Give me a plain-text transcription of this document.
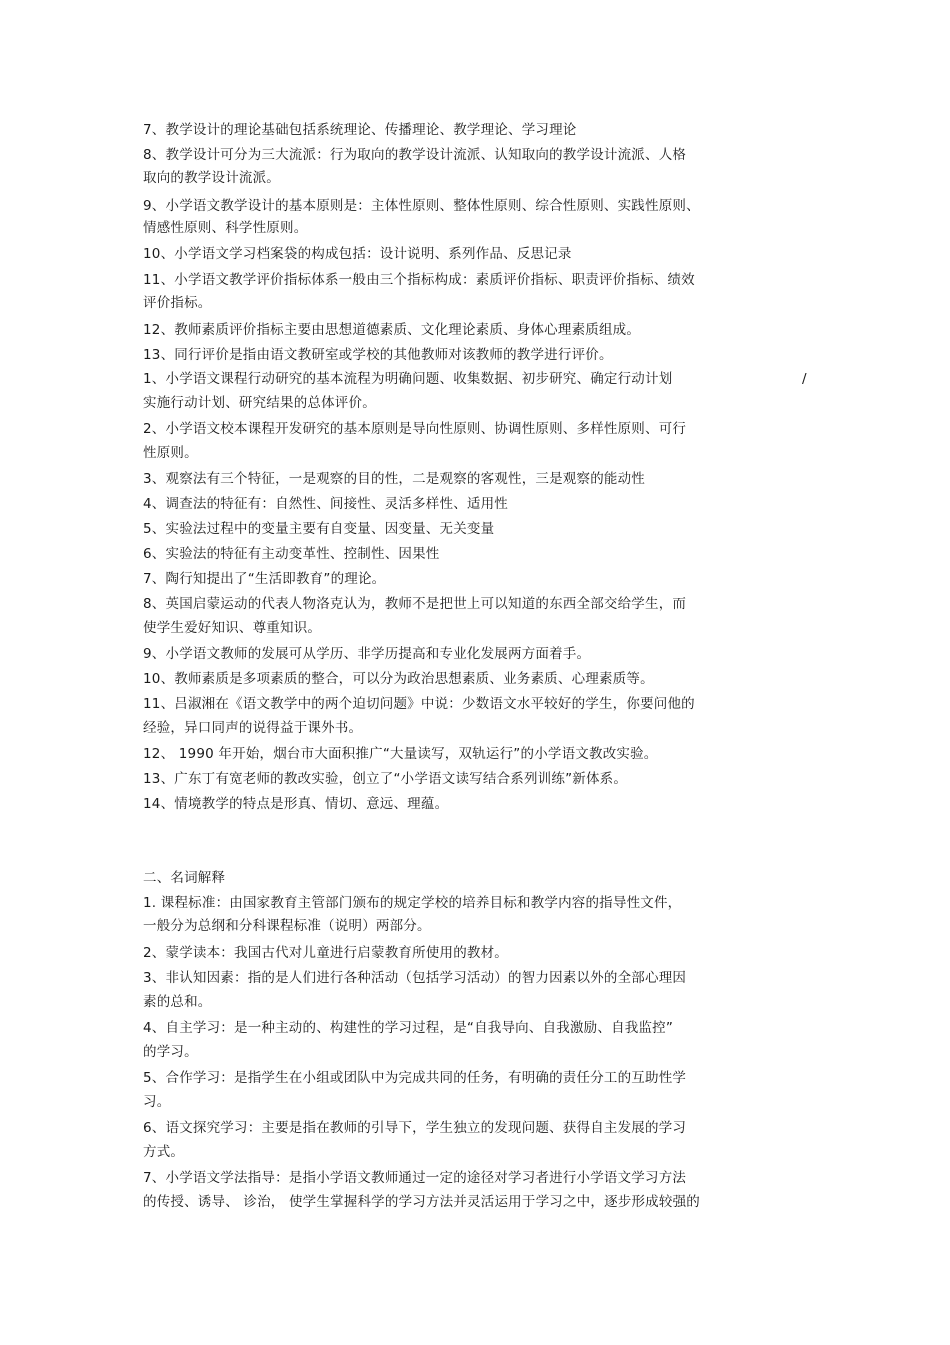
7、教学设计的理论基础包括系统理论、传播理论、教学理论、学习理论
8、教学设计可分为三大流派：行为取向的教学设计流派、认知取向的教学设计流派、人格
取向的教学设计流派。
9、小学语文教学设计的基本原则是：主体性原则、整体性原则、综合性原则、实践性原则、
情感性原则、科学性原则。
10、小学语文学习档案袋的构成包括：设计说明、系列作品、反思记录
11、小学语文教学评价指标体系一般由三个指标构成：素质评价指标、职责评价指标、绩效
评价指标。
12、教师素质评价指标主要由思想道德素质、文化理论素质、身体心理素质组成。
13、同行评价是指由语文教研室或学校的其他教师对该教师的教学进行评价。
1、小学语文课程行动研究的基本流程为明确问题、收集数据、初步研究、确定行动计划	/
实施行动计划、研究结果的总体评价。
2、小学语文校本课程开发研究的基本原则是导向性原则、协调性原则、多样性原则、可行
性原则。
3、观察法有三个特征，一是观察的目的性，二是观察的客观性，三是观察的能动性
4、调查法的特征有：自然性、间接性、灵活多样性、适用性
5、实验法过程中的变量主要有自变量、因变量、无关变量
6、实验法的特征有主动变革性、控制性、因果性
7、陶行知提出了“生活即教育”的理论。
8、英国启蒙运动的代表人物洛克认为，教师不是把世上可以知道的东西全部交给学生，而
使学生爱好知识、尊重知识。
9、小学语文教师的发展可从学历、非学历提高和专业化发展两方面着手。
10、教师素质是多项素质的整合，可以分为政治思想素质、业务素质、心理素质等。
11、吕淑湘在《语文教学中的两个迫切问题》中说：少数语文水平较好的学生，你要问他的
经验，异口同声的说得益于课外书。
12、 1990 年开始，烟台市大面积推广“大量读写，双轨运行”的小学语文教改实验。
13、广东丁有宽老师的教改实验，创立了“小学语文读写结合系列训练”新体系。
14、情境教学的特点是形真、情切、意远、理蕴。
二、名词解释
1. 课程标准：由国家教育主管部门颁布的规定学校的培养目标和教学内容的指导性文件，
一般分为总纲和分科课程标准（说明）两部分。
2、蒙学读本：我国古代对儿童进行启蒙教育所使用的教材。
3、非认知因素：指的是人们进行各种活动（包括学习活动）的智力因素以外的全部心理因
素的总和。
4、自主学习：是一种主动的、构建性的学习过程，是“自我导向、自我激励、自我监控”
的学习。
5、合作学习：是指学生在小组或团队中为完成共同的任务，有明确的责任分工的互助性学
习。
6、语文探究学习：主要是指在教师的引导下，学生独立的发现问题、获得自主发展的学习
方式。
7、小学语文学法指导：是指小学语文教师通过一定的途径对学习者进行小学语文学习方法
的传授、诱导、 诊治， 使学生掌握科学的学习方法并灵活运用于学习之中，逐步形成较强的
